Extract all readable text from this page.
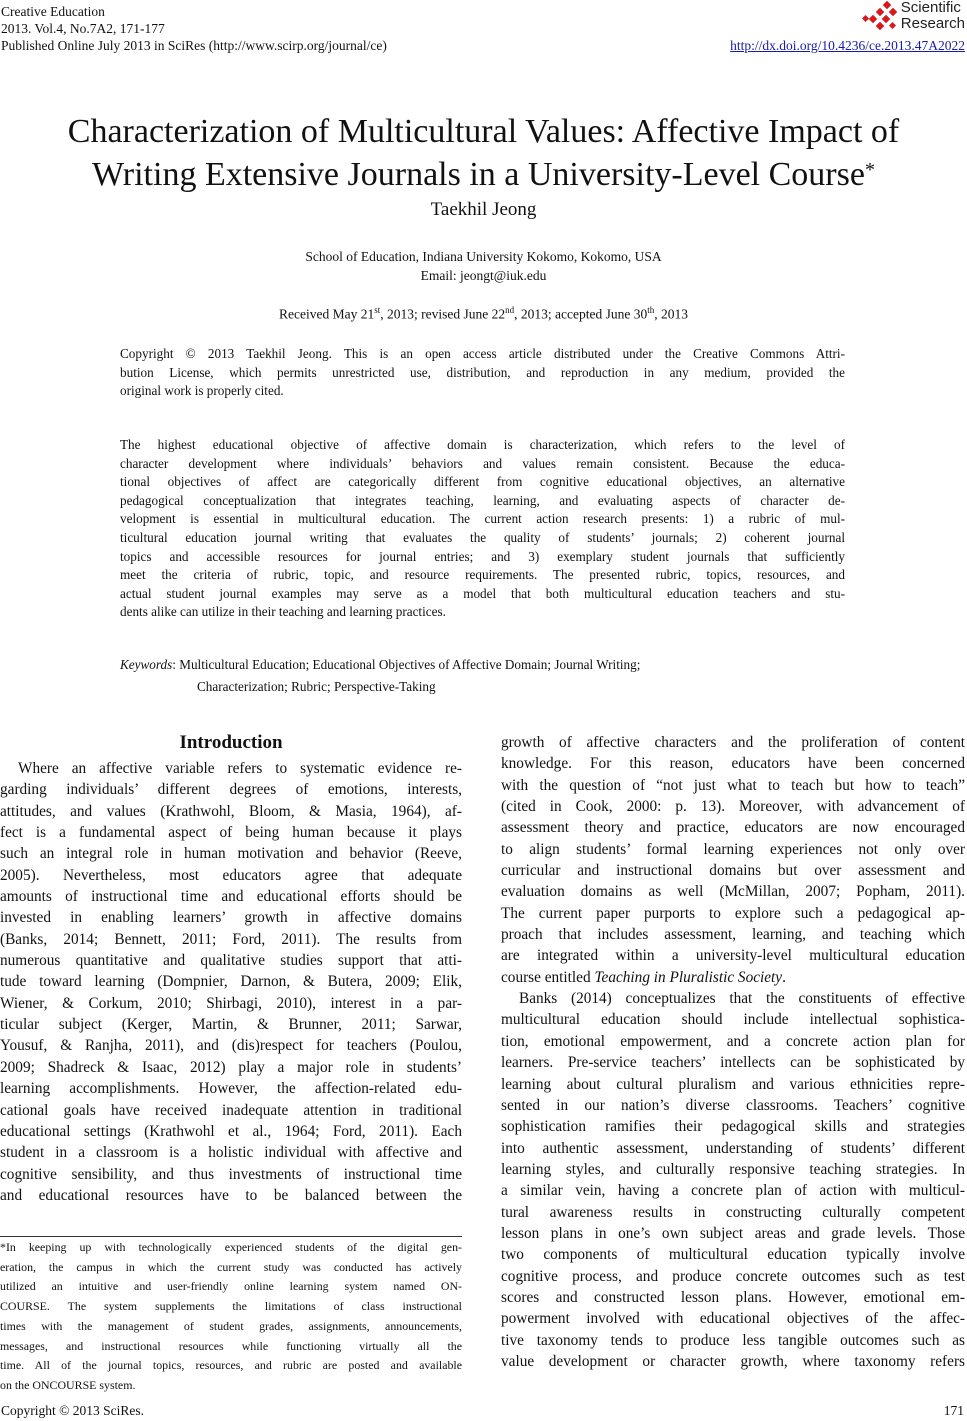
Creative Education
2013. Vol.4, No.7A2, 171-177
Published Online July 2013 in SciRes (http://www.scirp.org/journal/ce)
Scientific
Research
http://dx.doi.org/10.4236/ce.2013.47A2022
Characterization of Multicultural Values: Affective Impact of
Writing Extensive Journals in a University-Level Course*
Taekhil Jeong
School of Education, Indiana University Kokomo, Kokomo, USA
Email: jeongt@iuk.edu
Received May 21st, 2013; revised June 22nd, 2013; accepted June 30th, 2013
Copyright © 2013 Taekhil Jeong. This is an open access article distributed under the Creative Commons Attri-
bution License, which permits unrestricted use, distribution, and reproduction in any medium, provided the
original work is properly cited.
The highest educational objective of affective domain is characterization, which refers to the level of
character development where individuals’ behaviors and values remain consistent. Because the educa-
tional objectives of affect are categorically different from cognitive educational objectives, an alternative
pedagogical conceptualization that integrates teaching, learning, and evaluating aspects of character de-
velopment is essential in multicultural education. The current action research presents: 1) a rubric of mul-
ticultural education journal writing that evaluates the quality of students’ journals; 2) coherent journal
topics and accessible resources for journal entries; and 3) exemplary student journals that sufficiently
meet the criteria of rubric, topic, and resource requirements. The presented rubric, topics, resources, and
actual student journal examples may serve as a model that both multicultural education teachers and stu-
dents alike can utilize in their teaching and learning practices.
Keywords: Multicultural Education; Educational Objectives of Affective Domain; Journal Writing;
Characterization; Rubric; Perspective-Taking
Introduction
Where an affective variable refers to systematic evidence re-
garding individuals’ different degrees of emotions, interests,
attitudes, and values (Krathwohl, Bloom, & Masia, 1964), af-
fect is a fundamental aspect of being human because it plays
such an integral role in human motivation and behavior (Reeve,
2005). Nevertheless, most educators agree that adequate
amounts of instructional time and educational efforts should be
invested in enabling learners’ growth in affective domains
(Banks, 2014; Bennett, 2011; Ford, 2011). The results from
numerous quantitative and qualitative studies support that atti-
tude toward learning (Dompnier, Darnon, & Butera, 2009; Elik,
Wiener, & Corkum, 2010; Shirbagi, 2010), interest in a par-
ticular subject (Kerger, Martin, & Brunner, 2011; Sarwar,
Yousuf, & Ranjha, 2011), and (dis)respect for teachers (Poulou,
2009; Shadreck & Isaac, 2012) play a major role in students’
learning accomplishments. However, the affection-related edu-
cational goals have received inadequate attention in traditional
educational settings (Krathwohl et al., 1964; Ford, 2011). Each
student in a classroom is a holistic individual with affective and
cognitive sensibility, and thus investments of instructional time
and educational resources have to be balanced between the
*In keeping up with technologically experienced students of the digital gen-
eration, the campus in which the current study was conducted has actively
utilized an intuitive and user-friendly online learning system named ON-
COURSE. The system supplements the limitations of class instructional
times with the management of student grades, assignments, announcements,
messages, and instructional resources while functioning virtually all the
time. All of the journal topics, resources, and rubric are posted and available
on the ONCOURSE system.
growth of affective characters and the proliferation of content
knowledge. For this reason, educators have been concerned
with the question of “not just what to teach but how to teach”
(cited in Cook, 2000: p. 13). Moreover, with advancement of
assessment theory and practice, educators are now encouraged
to align students’ formal learning experiences not only over
curricular and instructional domains but over assessment and
evaluation domains as well (McMillan, 2007; Popham, 2011).
The current paper purports to explore such a pedagogical ap-
proach that includes assessment, learning, and teaching which
are integrated within a university-level multicultural education
course entitled Teaching in Pluralistic Society.
Banks (2014) conceptualizes that the constituents of effective
multicultural education should include intellectual sophistica-
tion, emotional empowerment, and a concrete action plan for
learners. Pre-service teachers’ intellects can be sophisticated by
learning about cultural pluralism and various ethnicities repre-
sented in our nation’s diverse classrooms. Teachers’ cognitive
sophistication ramifies their pedagogical skills and strategies
into authentic assessment, understanding of students’ different
learning styles, and culturally responsive teaching strategies. In
a similar vein, having a concrete plan of action with multicul-
tural awareness results in constructing culturally competent
lesson plans in one’s own subject areas and grade levels. Those
two components of multicultural education typically involve
cognitive process, and produce concrete outcomes such as test
scores and constructed lesson plans. However, emotional em-
powerment involved with educational objectives of the affec-
tive taxonomy tends to produce less tangible outcomes such as
value development or character growth, where taxonomy refers
Copyright © 2013 SciRes.	171
